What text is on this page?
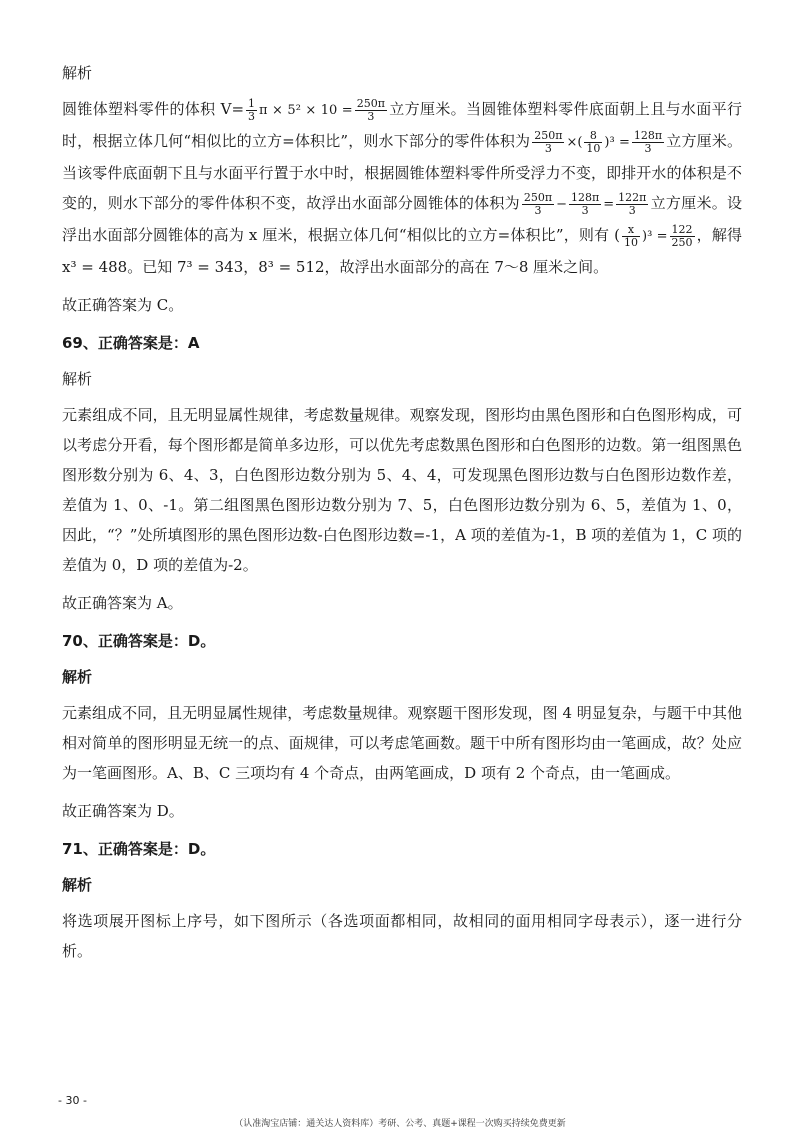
解析

圆锥体塑料零件的体积 $V= \frac{1}{3}$ $\pi \times 5^2 \times 10 = \frac{250\pi}{3}$ 立方厘米。当圆锥体塑料零件底面朝上且与水面平行时，根据立体几何“相似比的立方=体积比”，则水下部分的零件体积为 $\frac{250\pi}{3}$ ×( $\frac{8}{10} )^3 = \frac{128\pi}{3}$ 立方厘米。当该零件底面朝下且与水面平行置于水中时，根据圆锥体塑料零件所受浮力不变，即排开水的体积是不变的，则水下部分的零件体积不变，故浮出水面部分圆锥体的体积为 $\frac{250\pi}{3} - \frac{128\pi}{3} = \frac{122\pi}{3}$ 立方厘米。设浮出水面部分圆锥体的高为 x 厘米，根据立体几何“相似比的立方=体积比”，则有 ( $\frac{x}{10} )^3 = \frac{122}{250}$ ，解得 x³ = 488。已知 7³ = 343，8³ = 512，故浮出水面部分的高在 7～8 厘米之间。

故正确答案为 C。

69、正确答案是：A

解析

元素组成不同，且无明显属性规律，考虑数量规律。观察发现，图形均由黑色图形和白色图形构成，可以考虑分开看，每个图形都是简单多边形，可以优先考虑数黑色图形和白色图形的边数。第一组图黑色图形数分别为 6、4、3，白色图形边数分别为 5、4、4，可发现黑色图形边数与白色图形边数作差，差值为 1、0、-1。第二组图黑色图形边数分别为 7、5，白色图形边数分别为 6、5，差值为 1、0，因此，“？”处所填图形的黑色图形边数-白色图形边数=-1，A 项的差值为-1，B 项的差值为 1，C 项的差值为 0，D 项的差值为-2。

故正确答案为 A。

70、正确答案是：D。

解析

元素组成不同，且无明显属性规律，考虑数量规律。观察题干图形发现，图 4 明显复杂，与题干中其他相对简单的图形明显无统一的点、面规律，可以考虑笔画数。题干中所有图形均由一笔画成，故？处应为一笔画图形。A、B、C 三项均有 4 个奇点，由两笔画成，D 项有 2 个奇点，由一笔画成。

故正确答案为 D。

71、正确答案是：D。

解析

将选项展开图标上序号，如下图所示（各选项面都相同，故相同的面用相同字母表示），逐一进行分析。

- 30 -
（认准淘宝店铺：通关达人资料库）考研、公考、真题+课程一次购买持续免费更新
